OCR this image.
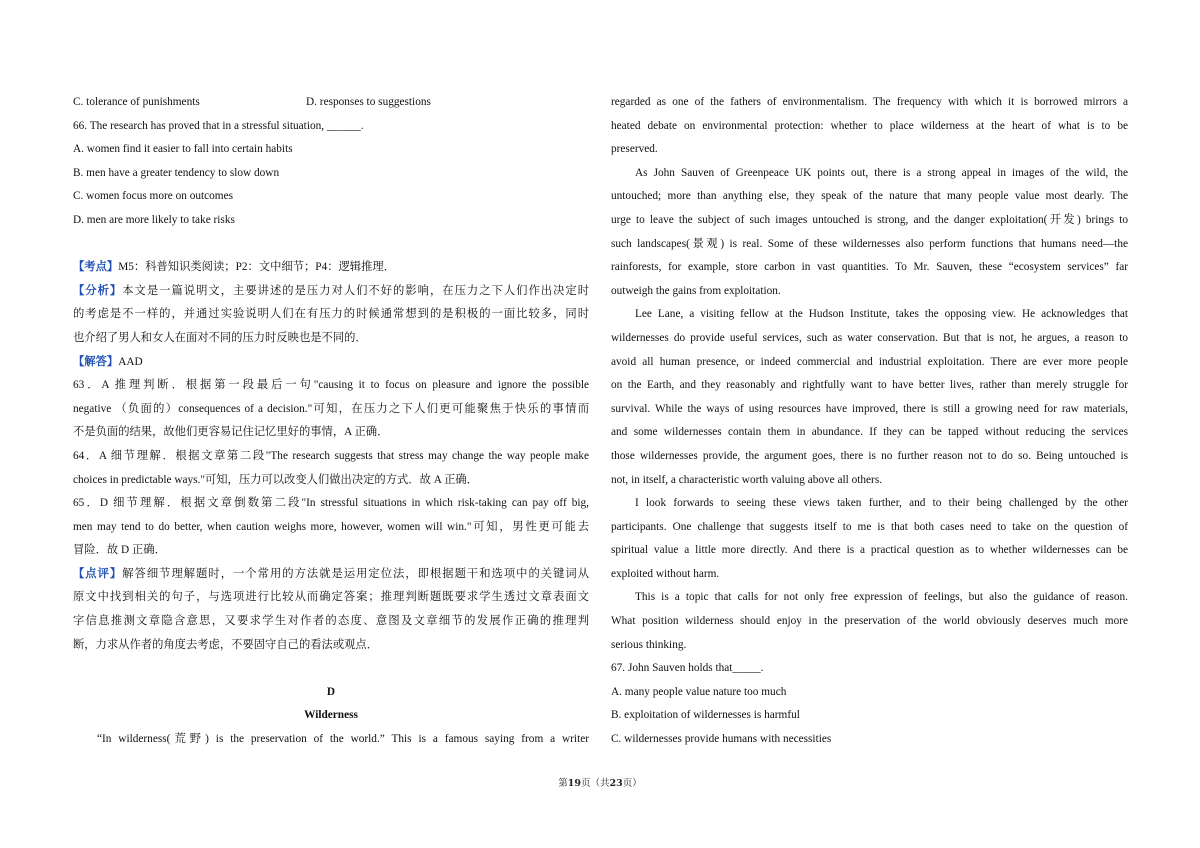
C. tolerance of punishments	D. responses to suggestions
66. The research has proved that in a stressful situation, ______.
A. women find it easier to fall into certain habits
B. men have a greater tendency to slow down
C. women focus more on outcomes
D. men are more likely to take risks
【考点】M5：科普知识类阅读；P2：文中细节；P4：逻辑推理．
【分析】本文是一篇说明文，主要讲述的是压力对人们不好的影响，在压力之下人们作出决定时
的考虑是不一样的，并通过实验说明人们在有压力的时候通常想到的是积极的一面比较多，同时
也介绍了男人和女人在面对不同的压力时反映也是不同的．
【解答】AAD
63．A 推理判断．根据第一段最后一句"causing it to focus on pleasure and ignore the possible
negative （负面的）consequences of a decision."可知，在压力之下人们更可能聚焦于快乐的事情而
不是负面的结果，故他们更容易记住记忆里好的事情，A 正确．
64．A 细节理解．根据文章第二段"The research suggests that stress may change the way people make
choices in predictable ways."可知，压力可以改变人们做出决定的方式．故 A 正确．
65．D 细节理解．根据文章倒数第二段"In stressful situations in which risk-taking can pay off big,
men may tend to do better, when caution weighs more, however, women will win."可知，男性更可能去
冒险．故 D 正确．
【点评】解答细节理解题时，一个常用的方法就是运用定位法，即根据题干和选项中的关键词从
原文中找到相关的句子，与选项进行比较从而确定答案；推理判断题既要求学生透过文章表面文
字信息推测文章隐含意思，又要求学生对作者的态度、意图及文章细节的发展作正确的推理判
断，力求从作者的角度去考虑，不要固守自己的看法或观点．
D
Wilderness
“In wilderness(荒野) is the preservation of the world.” This is a famous saying from a writer
regarded as one of the fathers of environmentalism. The frequency with which it is borrowed mirrors a
heated debate on environmental protection: whether to place wilderness at the heart of what is to be
preserved.
As John Sauven of Greenpeace UK points out, there is a strong appeal in images of the wild, the
untouched; more than anything else, they speak of the nature that many people value most dearly. The
urge to leave the subject of such images untouched is strong, and the danger exploitation(开发) brings to
such landscapes(景观) is real. Some of these wildernesses also perform functions that humans need—the
rainforests, for example, store carbon in vast quantities. To Mr. Sauven, these “ecosystem services” far
outweigh the gains from exploitation.
Lee Lane, a visiting fellow at the Hudson Institute, takes the opposing view. He acknowledges that
wildernesses do provide useful services, such as water conservation. But that is not, he argues, a reason to
avoid all human presence, or indeed commercial and industrial exploitation. There are ever more people
on the Earth, and they reasonably and rightfully want to have better lives, rather than merely struggle for
survival. While the ways of using resources have improved, there is still a growing need for raw materials,
and some wildernesses contain them in abundance. If they can be tapped without reducing the services
those wildernesses provide, the argument goes, there is no further reason not to do so. Being untouched is
not, in itself, a characteristic worth valuing above all others.
I look forwards to seeing these views taken further, and to their being challenged by the other
participants. One challenge that suggests itself to me is that both cases need to take on the question of
spiritual value a little more directly. And there is a practical question as to whether wildernesses can be
exploited without harm.
This is a topic that calls for not only free expression of feelings, but also the guidance of reason.
What position wilderness should enjoy in the preservation of the world obviously deserves much more
serious thinking.
67. John Sauven holds that_____.
A. many people value nature too much
B. exploitation of wildernesses is harmful
C. wildernesses provide humans with necessities
第19页（共23页）
